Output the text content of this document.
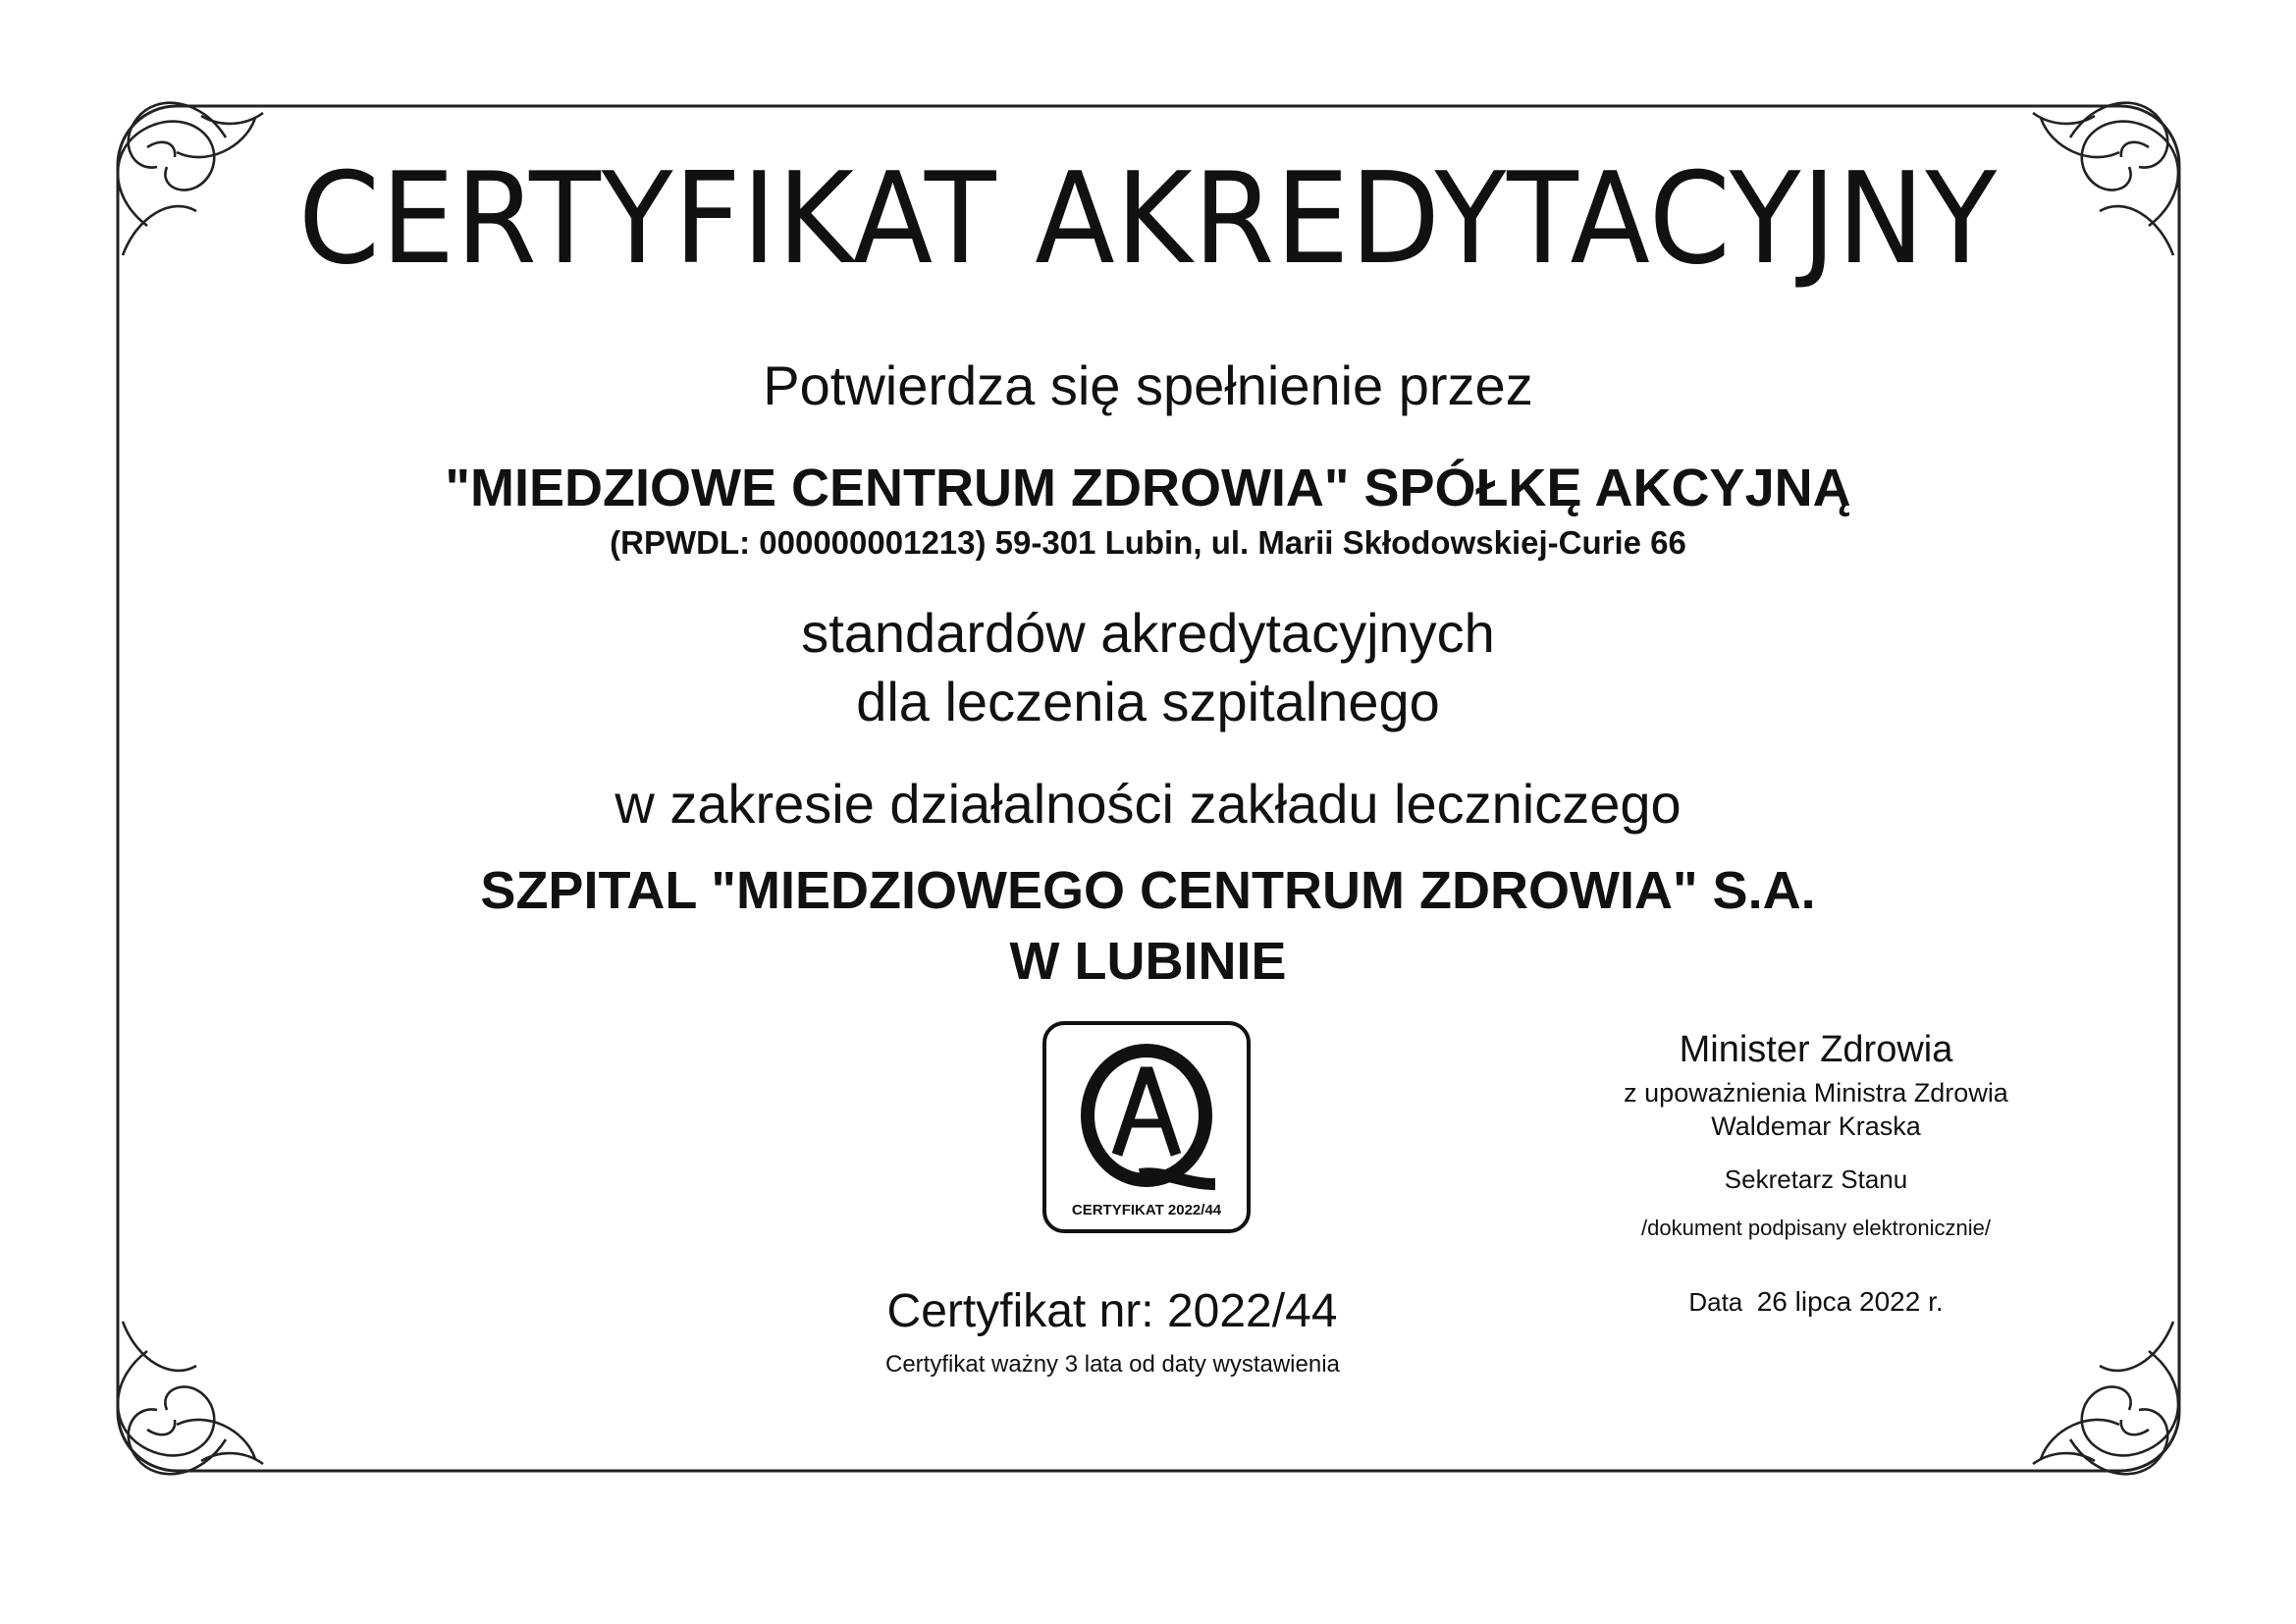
CERTYFIKAT AKREDYTACYJNY
Potwierdza się spełnienie przez
"MIEDZIOWE CENTRUM ZDROWIA" SPÓŁKĘ AKCYJNĄ
(RPWDL: 000000001213) 59-301 Lubin, ul. Marii Skłodowskiej-Curie 66
standardów akredytacyjnych
dla leczenia szpitalnego
w zakresie działalności zakładu leczniczego
SZPITAL "MIEDZIOWEGO CENTRUM ZDROWIA" S.A.
W LUBINIE
CERTYFIKAT 2022/44
Certyfikat nr: 2022/44
Certyfikat ważny 3 lata od daty wystawienia
Minister Zdrowia
z upoważnienia Ministra Zdrowia
Waldemar Kraska
Sekretarz Stanu
/dokument podpisany elektronicznie/
Data 26 lipca 2022 r.
